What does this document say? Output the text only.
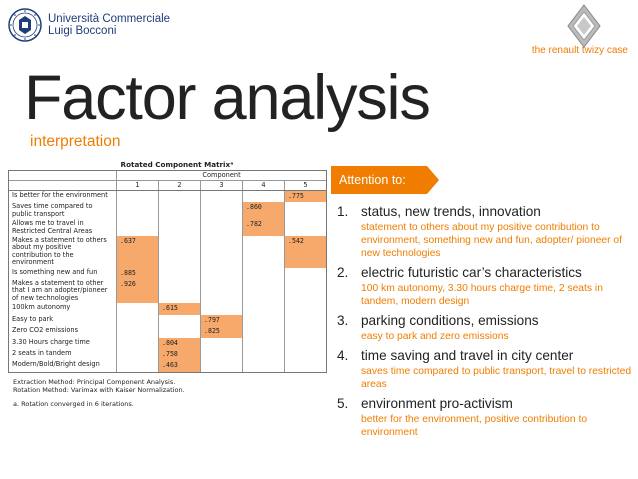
Università Commerciale
Luigi Bocconi
the renault twizy case
Factor analysis
interpretation
Rotated Component Matrixᵃ
	Component				
	1	2	3	4	5
Is better for the environment					.775
Saves time compared to public transport				.860	
Allows me to travel in Restricted Central Areas				.782	
Makes a statement to others about my positive contribution to the environment	.637				.542
Is something new and fun	.885				
Makes a statement to other that I am an adopter/pioneer of new technologies	.926				
100km autonomy		.615			
Easy to park			.797		
Zero CO2 emissions			.825		
3.30 Hours charge time		.804			
2 seats in tandem		.758			
Modern/Bold/Bright design		.463			
Extraction Method: Principal Component Analysis.
Rotation Method: Varimax with Kaiser Normalization.
a. Rotation converged in 6 iterations.
Attention to:
1. status, new trends, innovation
statement to others about my positive contribution to environment, something new and fun, adopter/ pioneer of new technologies
2. electric futuristic car’s characteristics
100 km autonomy, 3.30 hours charge time, 2 seats in tandem, modern design
3. parking conditions, emissions
easy to park and zero emissions
4. time saving and travel in city center
saves time compared to public transport, travel to restricted areas
5. environment pro-activism
better for the environment, positive contribution to environment
